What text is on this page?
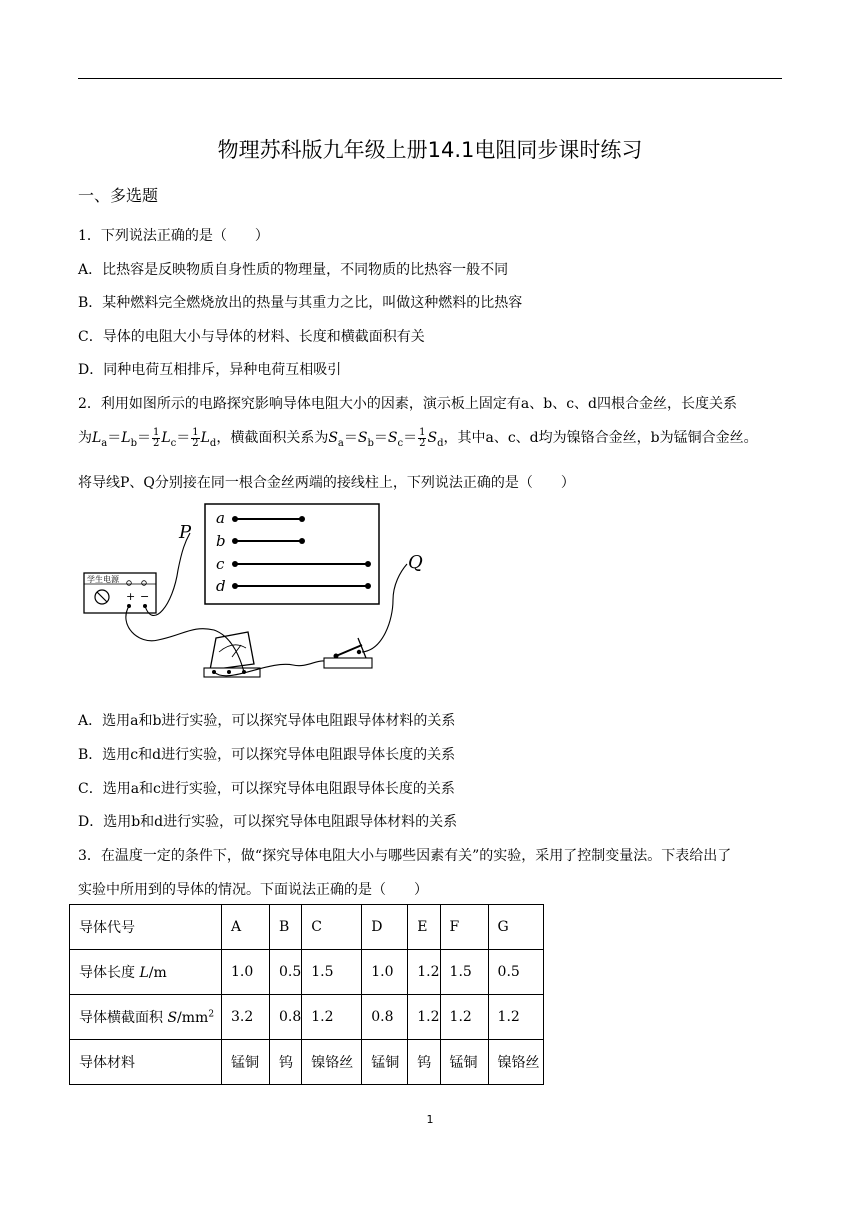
物理苏科版九年级上册14.1电阻同步课时练习
一、多选题
1．下列说法正确的是（　　）
A．比热容是反映物质自身性质的物理量，不同物质的比热容一般不同
B．某种燃料完全燃烧放出的热量与其重力之比，叫做这种燃料的比热容
C．导体的电阻大小与导体的材料、长度和横截面积有关
D．同种电荷互相排斥，异种电荷互相吸引
2．利用如图所示的电路探究影响导体电阻大小的因素，演示板上固定有a、b、c、d四根合金丝，长度关系
为$L_a=L_b= \frac{1}{2} L_c= \frac{1}{2} L_d$，横截面积关系为$S_a=S_b=S_c= \frac{1}{2} S_d$，其中a、c、d均为镍铬合金丝，b为锰铜合金丝。
将导线P、Q分别接在同一根合金丝两端的接线柱上，下列说法正确的是（　　）
a
b
c
d
P
Q
学生电源
+ −
A．选用a和b进行实验，可以探究导体电阻跟导体材料的关系
B．选用c和d进行实验，可以探究导体电阻跟导体长度的关系
C．选用a和c进行实验，可以探究导体电阻跟导体长度的关系
D．选用b和d进行实验，可以探究导体电阻跟导体材料的关系
3．在温度一定的条件下，做“探究导体电阻大小与哪些因素有关”的实验，采用了控制变量法。下表给出了
实验中所用到的导体的情况。下面说法正确的是（　　）
导体代号	A	B	C	D	E	F	G
导体长度 L/m	1.0	0.5	1.5	1.0	1.2	1.5	0.5
导体横截面积 $S/mm^2$	3.2	0.8	1.2	0.8	1.2	1.2	1.2
导体材料	锰铜	钨	镍铬丝	锰铜	钨	锰铜	镍铬丝
1
